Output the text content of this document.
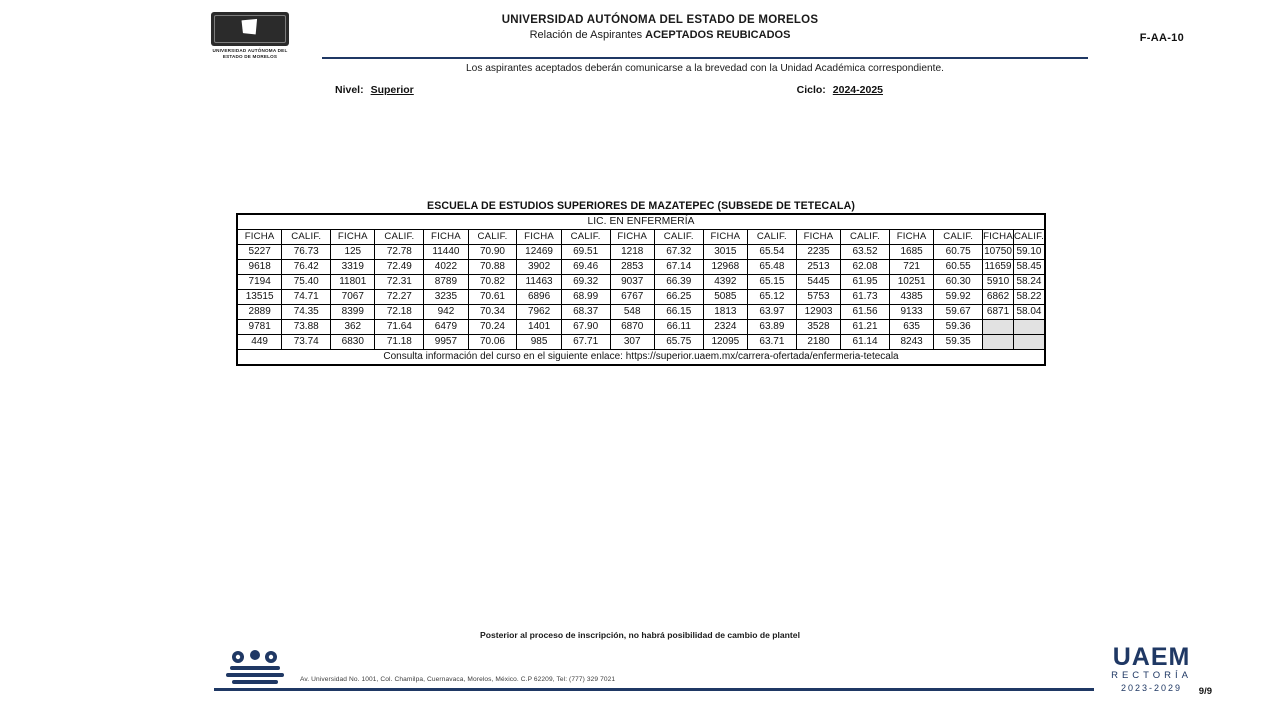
UNIVERSIDAD AUTÓNOMA DEL
ESTADO DE MORELOS
UNIVERSIDAD AUTÓNOMA DEL ESTADO DE MORELOS
Relación de Aspirantes ACEPTADOS REUBICADOS	F-AA-10
Los aspirantes aceptados deberán comunicarse a la brevedad con la Unidad Académica correspondiente.
Nivel: Superior	Ciclo: 2024-2025
ESCUELA DE ESTUDIOS SUPERIORES DE MAZATEPEC (SUBSEDE DE TETECALA)
LIC. EN ENFERMERÍA																	
FICHA	CALIF.	FICHA	CALIF.	FICHA	CALIF.	FICHA	CALIF.	FICHA	CALIF.	FICHA	CALIF.	FICHA	CALIF.	FICHA	CALIF.	FICHA	CALIF.
5227	76.73	125	72.78	11440	70.90	12469	69.51	1218	67.32	3015	65.54	2235	63.52	1685	60.75	10750	59.10
9618	76.42	3319	72.49	4022	70.88	3902	69.46	2853	67.14	12968	65.48	2513	62.08	721	60.55	11659	58.45
7194	75.40	11801	72.31	8789	70.82	11463	69.32	9037	66.39	4392	65.15	5445	61.95	10251	60.30	5910	58.24
13515	74.71	7067	72.27	3235	70.61	6896	68.99	6767	66.25	5085	65.12	5753	61.73	4385	59.92	6862	58.22
2889	74.35	8399	72.18	942	70.34	7962	68.37	548	66.15	1813	63.97	12903	61.56	9133	59.67	6871	58.04
9781	73.88	362	71.64	6479	70.24	1401	67.90	6870	66.11	2324	63.89	3528	61.21	635	59.36		
449	73.74	6830	71.18	9957	70.06	985	67.71	307	65.75	12095	63.71	2180	61.14	8243	59.35		
Consulta información del curso en el siguiente enlace: https://superior.uaem.mx/carrera-ofertada/enfermeria-tetecala																	
Posterior al proceso de inscripción, no habrá posibilidad de cambio de plantel
Av. Universidad No. 1001, Col. Chamilpa, Cuernavaca, Morelos, México. C.P 62209, Tel: (777) 329 7021
UAEM
RECTORÍA
2023-2029	9/9
